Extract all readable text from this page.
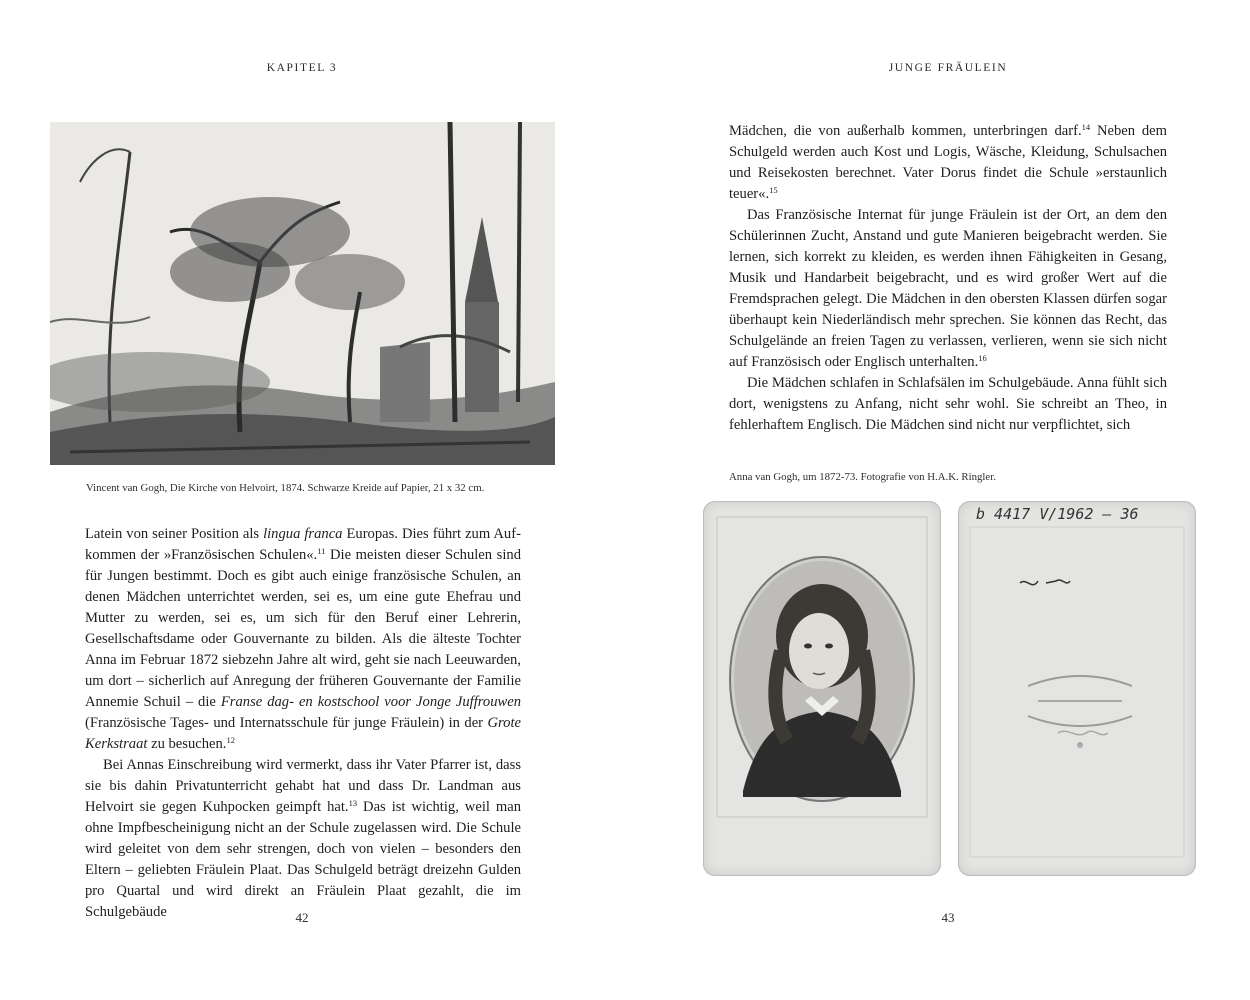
KAPITEL 3
Vincent van Gogh, Die Kirche von Helvoirt, 1874. Schwarze Kreide auf Papier, 21 x 32 cm.

Latein von seiner Position als lingua franca Europas. Dies führt zum Aufkommen der »Französischen Schulen«.$^{11}$ Die meisten dieser Schulen sind für Jungen bestimmt. Doch es gibt auch einige französische Schulen, an denen Mädchen unterrichtet werden, sei es, um eine gute Ehefrau und Mutter zu werden, sei es, um sich für den Beruf einer Lehrerin, Gesellschaftsdame oder Gouvernante zu bilden. Als die älteste Tochter Anna im Februar 1872 siebzehn Jahre alt wird, geht sie nach Leeuwarden, um dort – sicherlich auf Anregung der früheren Gouvernante der Familie Annemie Schuil – die Franse dag- en kostschool voor Jonge Juffrouwen (Französische Tages- und Internatsschule für junge Fräulein) in der Grote Kerkstraat zu besuchen.$^{12}$

Bei Annas Einschreibung wird vermerkt, dass ihr Vater Pfarrer ist, dass sie bis dahin Privatunterricht gehabt hat und dass Dr. Landman aus Helvoirt sie gegen Kuhpocken geimpft hat.$^{13}$ Das ist wichtig, weil man ohne Impfbescheinigung nicht an der Schule zugelassen wird. Die Schule wird geleitet von dem sehr strengen, doch von vielen – besonders den Eltern – geliebten Fräulein Plaat. Das Schulgeld beträgt dreizehn Gulden pro Quartal und wird direkt an Fräulein Plaat gezahlt, die im Schulgebäude	42
JUNGE FRÄULEIN

Mädchen, die von außerhalb kommen, unterbringen darf.$^{14}$ Neben dem Schulgeld werden auch Kost und Logis, Wäsche, Kleidung, Schulsachen und Reisekosten berechnet. Vater Dorus findet die Schule »erstaunlich teuer«.$^{15}$

Das Französische Internat für junge Fräulein ist der Ort, an dem den Schülerinnen Zucht, Anstand und gute Manieren beigebracht werden. Sie lernen, sich korrekt zu kleiden, es werden ihnen Fähigkeiten in Gesang, Musik und Handarbeit beigebracht, und es wird großer Wert auf die Fremdsprachen gelegt. Die Mädchen in den obersten Klassen dürfen sogar überhaupt kein Niederländisch mehr sprechen. Sie können das Recht, das Schulgelände an freien Tagen zu verlassen, verlieren, wenn sie sich nicht auf Französisch oder Englisch unterhalten.$^{16}$

Die Mädchen schlafen in Schlafsälen im Schulgebäude. Anna fühlt sich dort, wenigstens zu Anfang, nicht sehr wohl. Sie schreibt an Theo, in fehlerhaftem Englisch. Die Mädchen sind nicht nur verpflichtet, sich

Anna van Gogh, um 1872-73. Fotografie von H.A.K. Ringler.
b 4417 V/1962 – 36
43
